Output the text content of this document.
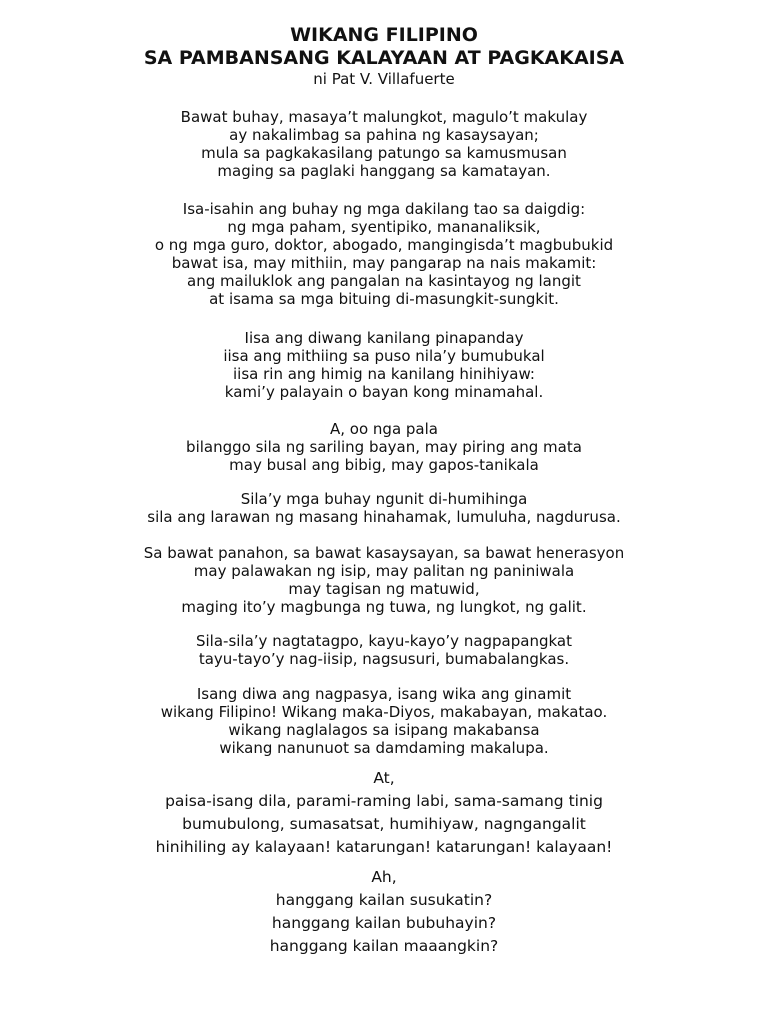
WIKANG FILIPINO
SA PAMBANSANG KALAYAAN AT PAGKAKAISA
ni Pat V. Villafuerte
Bawat buhay, masaya’t malungkot, magulo’t makulay
ay nakalimbag sa pahina ng kasaysayan;
mula sa pagkakasilang patungo sa kamusmusan
maging sa paglaki hanggang sa kamatayan.
Isa-isahin ang buhay ng mga dakilang tao sa daigdig:
ng mga paham, syentipiko, mananaliksik,
o ng mga guro, doktor, abogado, mangingisda’t magbubukid
bawat isa, may mithiin, may pangarap na nais makamit:
ang mailuklok ang pangalan na kasintayog ng langit
at isama sa mga bituing di-masungkit-sungkit.
Iisa ang diwang kanilang pinapanday
iisa ang mithiing sa puso nila’y bumubukal
iisa rin ang himig na kanilang hinihiyaw:
kami’y palayain o bayan kong minamahal.
A, oo nga pala
bilanggo sila ng sariling bayan, may piring ang mata
may busal ang bibig, may gapos-tanikala
Sila’y mga buhay ngunit di-humihinga
sila ang larawan ng masang hinahamak, lumuluha, nagdurusa.
Sa bawat panahon, sa bawat kasaysayan, sa bawat henerasyon
may palawakan ng isip, may palitan ng paniniwala
may tagisan ng matuwid,
maging ito’y magbunga ng tuwa, ng lungkot, ng galit.
Sila-sila’y nagtatagpo, kayu-kayo’y nagpapangkat
tayu-tayo’y nag-iisip, nagsusuri, bumabalangkas.
Isang diwa ang nagpasya, isang wika ang ginamit
wikang Filipino! Wikang maka-Diyos, makabayan, makatao.
wikang naglalagos sa isipang makabansa
wikang nanunuot sa damdaming makalupa.
At,
paisa-isang dila, parami-raming labi, sama-samang tinig
bumubulong, sumasatsat, humihiyaw, nagngangalit
hinihiling ay kalayaan! katarungan! katarungan! kalayaan!
Ah,
hanggang kailan susukatin?
hanggang kailan bubuhayin?
hanggang kailan maaangkin?
